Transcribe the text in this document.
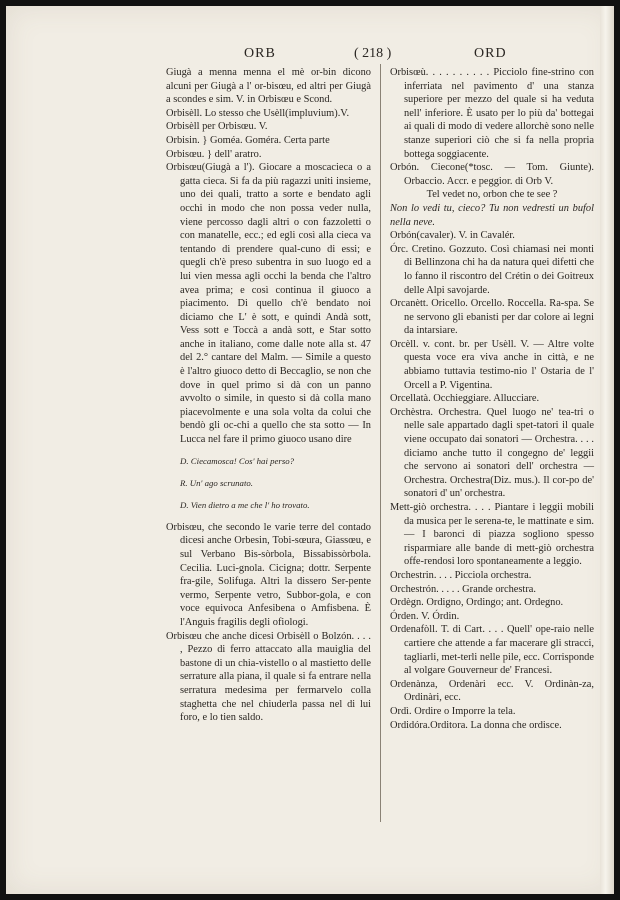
ORB	( 218 )	ORD

Giugà a menna menna el mè or-bin dicono alcuni per Giugà a l' or-bisœu, ed altri per Giugà a scondes e sim. V. in Orbisœu e Scond.

Orbisèll. Lo stesso che Usèll(impluvium).V.

Orbisèll per Orbisœu. V.

Orbisin. } Goméa. Goméra. Certa parte

Orbisœu. } dell' aratro.

Orbisœu(Giugà a l'). Giocare a moscacieca o a gatta cieca. Si fa da più ragazzi uniti insieme, uno dei quali, tratto a sorte e bendato agli occhi in modo che non possa veder nulla, viene percosso dagli altri o con fazzoletti o con manatelle, ecc.; ed egli così alla cieca va tentando di prendere qual-cuno di essi; e quegli ch'è preso subentra in suo luogo ed a lui vien messa agli occhi la benda che l'altro avea prima; e così continua il giuoco a piacimento. Di quello ch'è bendato noi diciamo che L' è sott, e quindi Andà sott, Vess sott e Toccà a andà sott, e Star sotto anche in italiano, come dalle note alla st. 47 del 2.° cantare del Malm. — Simile a questo è l'altro giuoco detto di Beccaglio, se non che dove in quel primo si dà con un panno avvolto o simile, in questo si dà colla mano piacevolmente e una sola volta da colui che bendò gli oc-chi a quello che sta sotto — In Lucca nel fare il primo giuoco usano dire

D. Ciecamosca! Cos' hai perso?

R. Un' ago scrunato.

D. Vien dietro a me che l' ho trovato.

Orbisœu, che secondo le varie terre del contado dicesi anche Orbesin, Tobi-sœura, Giassœu, e sul Verbano Bis-sòrbola, Bissabissòrbola. Cecilia. Luci-gnola. Cicigna; dottr. Serpente fra-gile, Solifuga. Altri la dissero Ser-pente vermo, Serpente vetro, Subbor-gola, e con voce equivoca Anfesibena o Amfisbena. È l'Anguis fragilis degli ofiologi.

Orbisœu che anche dicesi Orbisèll o Bolzón. . . . , Pezzo di ferro attaccato alla mauiglia del bastone di un chia-vistello o al mastietto delle serrature alla piana, il quale si fa entrare nella serratura medesima per fermarvelo colla staghetta che nel chiuderla passa nel di lui foro, e lo tien saldo.

Orbisœù. . . . . . . . . . Picciolo fine-strino con inferriata nel pavimento d' una stanza superiore per mezzo del quale si ha veduta nell' inferiore. È usato per lo più da' bottegai ai quali di modo di vedere allorchè sono nelle stanze superiori ciò che si fa nella propria bottega soggiacente.

Orbón. Ciecone(*tosc. — Tom. Giunte). Orbaccio. Accr. e peggior. di Orb V.

Tel vedet no, orbon che te see ?

Non lo vedi tu, cieco? Tu non vedresti un bufol nella neve.

Orbón(cavaler). V. in Cavalér.

Órc. Cretino. Gozzuto. Così chiamasi nei monti di Bellinzona chi ha da natura quei difetti che lo fanno il riscontro del Crétin o dei Goitreux delle Alpi savojarde.

Orcanètt. Oricello. Orcello. Roccella. Ra-spa. Se ne servono gli ebanisti per dar colore ai legni da intarsiare.

Orcèll. v. cont. br. per Usèll. V. — Altre volte questa voce era viva anche in città, e ne abbiamo tuttavia testimo-nio l' Ostaria de l' Orcell a P. Vigentina.

Orcellatà. Occhieggiare. Allucciare.

Orchèstra. Orchestra. Quel luogo ne' tea-tri o nelle sale appartado dagli spet-tatori il quale viene occupato dai sonatori — Orchestra. . . . diciamo anche tutto il congegno de' leggii che servono ai sonatori dell' orchestra — Orchestra. Orchestra(Diz. mus.). Il cor-po de' sonatori d' un' orchestra.

Mett-giò orchestra. . . . Piantare i leggii mobili da musica per le serena-te, le mattinate e sim. — I baronci di piazza sogliono spesso risparmiare alle bande di mett-giò orchestra offe-rendosi loro spontaneamente a leggio.

Orchestrin. . . . Picciola orchestra.

Orchestrón. . . . . Grande orchestra.

Ordègn. Ordigno, Ordingo; ant. Ordegno.

Órden. V. Órdin.

Ordenafòll. T. di Cart. . . . Quell' ope-raio nelle cartiere che attende a far macerare gli stracci, tagliarli, met-terli nelle pile, ecc. Corrisponde al volgare Gouverneur de' Francesi.

Ordenànza, Ordenàri ecc. V. Ordinàn-za, Ordinàri, ecc.

Ordì. Ordire o Imporre la tela.

Ordidóra.Orditora. La donna che ordisce.
